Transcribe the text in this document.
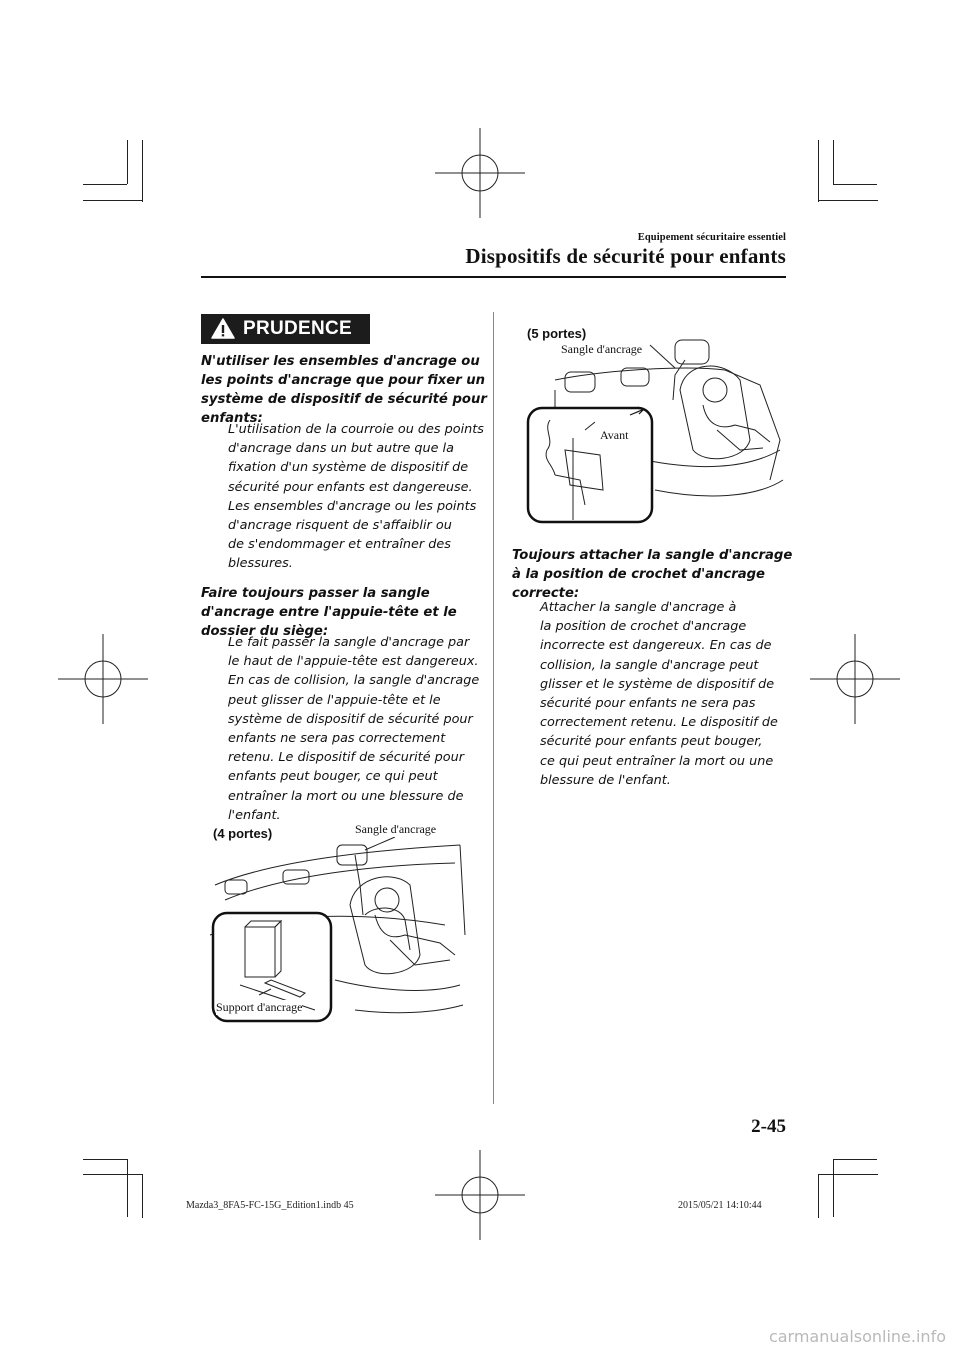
Equipement sécuritaire essentiel
Dispositifs de sécurité pour enfants
PRUDENCE
N'utiliser les ensembles d'ancrage ou
les points d'ancrage que pour fixer un
système de dispositif de sécurité pour
enfants:
L'utilisation de la courroie ou des points
d'ancrage dans un but autre que la
fixation d'un système de dispositif de
sécurité pour enfants est dangereuse.
Les ensembles d'ancrage ou les points
d'ancrage risquent de s'affaiblir ou
de s'endommager et entraîner des
blessures.
Faire toujours passer la sangle
d'ancrage entre l'appuie-tête et le
dossier du siège:
Le fait passer la sangle d'ancrage par
le haut de l'appuie-tête est dangereux.
En cas de collision, la sangle d'ancrage
peut glisser de l'appuie-tête et le
système de dispositif de sécurité pour
enfants ne sera pas correctement
retenu. Le dispositif de sécurité pour
enfants peut bouger, ce qui peut
entraîner la mort ou une blessure de
l'enfant.
(4 portes)	Sangle d'ancrage
Support d'ancrage
(5 portes)
Sangle d'ancrage
Avant
Toujours attacher la sangle d'ancrage
à la position de crochet d'ancrage
correcte:
Attacher la sangle d'ancrage à
la position de crochet d'ancrage
incorrecte est dangereux. En cas de
collision, la sangle d'ancrage peut
glisser et le système de dispositif de
sécurité pour enfants ne sera pas
correctement retenu. Le dispositif de
sécurité pour enfants peut bouger,
ce qui peut entraîner la mort ou une
blessure de l'enfant.
2-45
Mazda3_8FA5-FC-15G_Edition1.indb 45	2015/05/21 14:10:44
carmanualsonline.info
